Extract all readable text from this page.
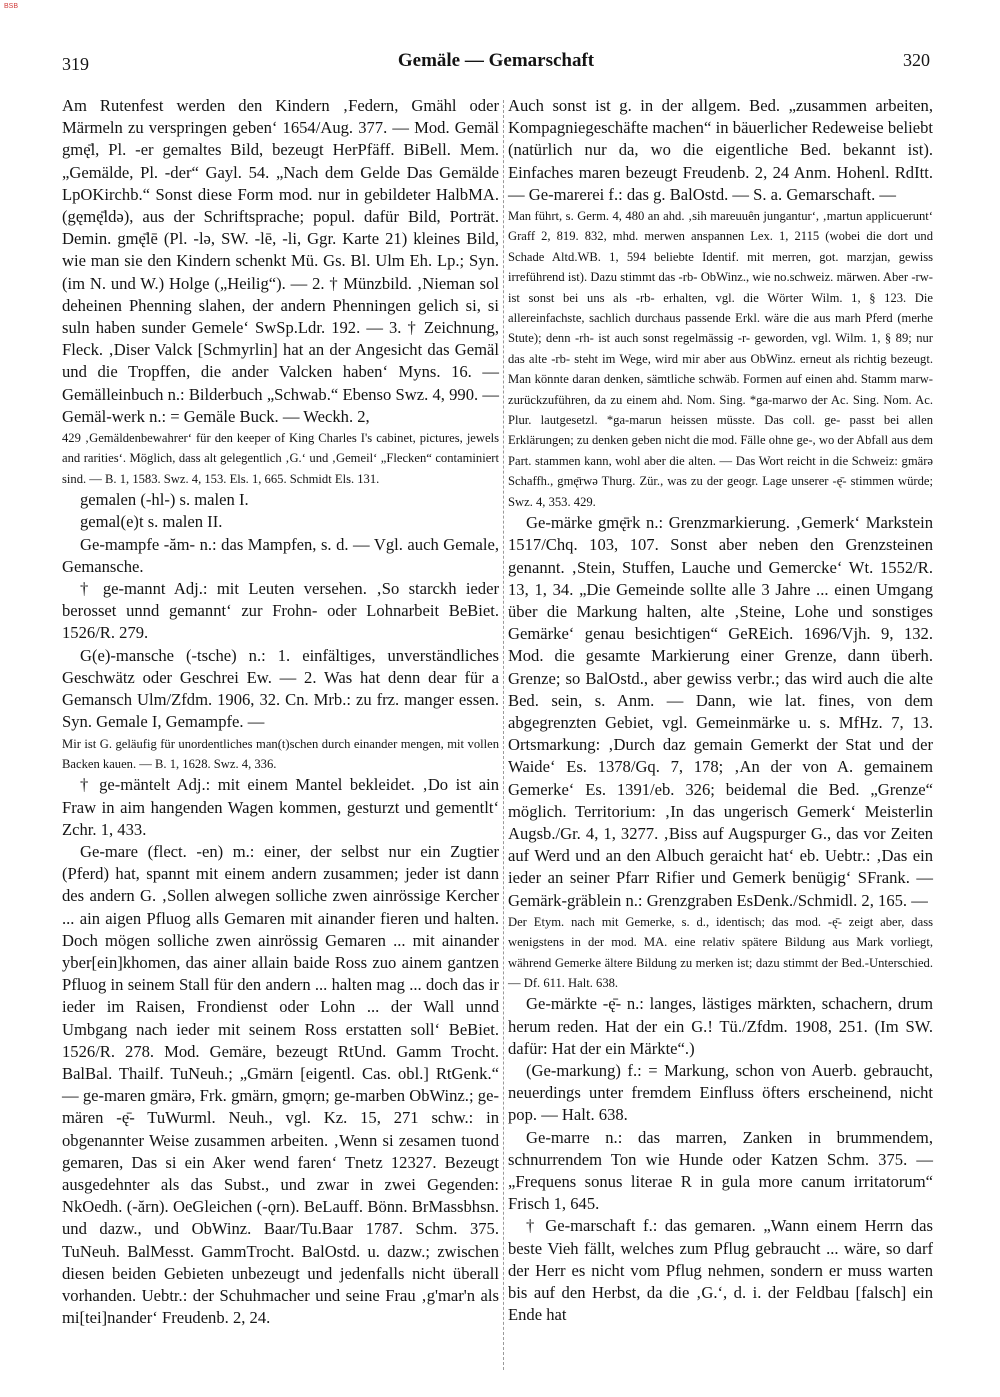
BSB
319	Gemäle — Gemarschaft	320

Am Rutenfest werden den Kindern ‚Federn, Gmähl oder Märmeln zu verspringen geben‘ 1654/Aug. 377. — Mod. Gemäl gmę̄l, Pl. -er gemaltes Bild, bezeugt HerPfäff. BiBell. Mem. „Gemälde, Pl. -der“ Gayl. 54. „Nach dem Gelde Das Gemälde LpOKirchb.“ Sonst diese Form mod. nur in gebildeter HalbMA. (gęmę̄ldə), aus der Schriftsprache; popul. dafür Bild, Porträt. Demin. gmę̄lē (Pl. -lə, SW. -lē, -li, Ggr. Karte 21) kleines Bild, wie man sie den Kindern schenkt Mü. Gs. Bl. Ulm Eh. Lp.; Syn. (im N. und W.) Holge („Heilig“). — 2. † Münzbild. ‚Nieman sol deheinen Phenning slahen, der andern Phenningen gelich si, si suln haben sunder Gemele‘ SwSp.Ldr. 192. — 3. † Zeichnung, Fleck. ‚Diser Valck [Schmyrlin] hat an der Angesicht das Gemäl und die Tropffen, die ander Valcken haben‘ Myns. 16. — Gemälleinbuch n.: Bilderbuch „Schwab.“ Ebenso Swz. 4, 990. — Gemäl-werk n.: = Gemäle Buck. — Weckh. 2,

429 ‚Gemäldenbewahrer‘ für den keeper of King Charles I's cabinet, pictures, jewels and rarities‘. Möglich, dass alt gelegentlich ‚G.‘ und ‚Gemeil‘ „Flecken“ contaminiert sind. — B. 1, 1583. Swz. 4, 153. Els. 1, 665. Schmidt Els. 131.

gemalen (-hl-) s. malen I.

gemal(e)t s. malen II.

Ge-mampfe -ăm- n.: das Mampfen, s. d. — Vgl. auch Gemale, Gemansche.

† ge-mannt Adj.: mit Leuten versehen. ‚So starckh ieder berosset unnd gemannt‘ zur Frohn- oder Lohnarbeit BeBiet. 1526/R. 279.

G(e)-mansche (-tsche) n.: 1. einfältiges, unverständliches Geschwätz oder Geschrei Ew. — 2. Was hat denn dear für a Gemansch Ulm/Zfdm. 1906, 32. Cn. Mrb.: zu frz. manger essen. Syn. Gemale I, Gemampfe. —

Mir ist G. geläufig für unordentliches man(t)schen durch einander mengen, mit vollen Backen kauen. — B. 1, 1628. Swz. 4, 336.

† ge-mäntelt Adj.: mit einem Mantel bekleidet. ‚Do ist ain Fraw in aim hangenden Wagen kommen, gesturzt und gementlt‘ Zchr. 1, 433.

Ge-mare (flect. -en) m.: einer, der selbst nur ein Zugtier (Pferd) hat, spannt mit einem andern zusammen; jeder ist dann des andern G. ‚Sollen alwegen solliche zwen ainrössige Kercher ... ain aigen Pfluog alls Gemaren mit ainander fieren und halten. Doch mögen solliche zwen ainrössig Gemaren ... mit ainander yber[ein]khomen, das ainer allain baide Ross zuo ainem gantzen Pfluog in seinem Stall für den andern ... halten mag ... doch das ir ieder im Raisen, Frondienst oder Lohn ... der Wall unnd Umbgang nach ieder mit seinem Ross erstatten soll‘ BeBiet. 1526/R. 278. Mod. Gemäre, bezeugt RtUnd. Gamm Trocht. BalBal. Thailf. TuNeuh.; „Gmärn [eigentl. Cas. obl.] RtGenk.“ — ge-maren gmärə, Frk. gmärn, gmǫrn; ge-marben ObWinz.; ge-mären -ę̄- TuWurml. Neuh., vgl. Kz. 15, 271 schw.: in obgenannter Weise zusammen arbeiten. ‚Wenn si zesamen tuond gemaren, Das si ein Aker wend faren‘ Tnetz 12327. Bezeugt ausgedehnter als das Subst., und zwar in zwei Gegenden: NkOedh. (-ărn). OeGleichen (-ǫrn). BeLauff. Bönn. BrMassbhsn. und dazw., und ObWinz. Baar/Tu.Baar 1787. Schm. 375. TuNeuh. BalMesst. GammTrocht. BalOstd. u. dazw.; zwischen diesen beiden Gebieten unbezeugt und jedenfalls nicht überall vorhanden. Uebtr.: der Schuhmacher und seine Frau ‚g'mar'n als mi[tei]nander‘ Freudenb. 2, 24.

Auch sonst ist g. in der allgem. Bed. „zusammen arbeiten, Kompagniegeschäfte machen“ in bäuerlicher Redeweise beliebt (natürlich nur da, wo die eigentliche Bed. bekannt ist). Einfaches maren bezeugt Freudenb. 2, 24 Anm. Hohenl. RdItt. — Ge-marerei f.: das g. BalOstd. — S. a. Gemarschaft. —

Man führt, s. Germ. 4, 480 an ahd. ‚sih mareuuên jungantur‘, ‚martun applicuerunt‘ Graff 2, 819. 832, mhd. merwen anspannen Lex. 1, 2115 (wobei die dort und Schade Altd.WB. 1, 594 beliebte Identif. mit merren, got. marzjan, gewiss irreführend ist). Dazu stimmt das -rb- ObWinz., wie no.schweiz. märwen. Aber -rw- ist sonst bei uns als -rb- erhalten, vgl. die Wörter Wilm. 1, § 123. Die allereinfachste, sachlich durchaus passende Erkl. wäre die aus marh Pferd (merhe Stute); denn -rh- ist auch sonst regelmässig -r- geworden, vgl. Wilm. 1, § 89; nur das alte -rb- steht im Wege, wird mir aber aus ObWinz. erneut als richtig bezeugt. Man könnte daran denken, sämtliche schwäb. Formen auf einen ahd. Stamm marw- zurückzuführen, da zu einem ahd. Nom. Sing. *ga-marwo der Ac. Sing. Nom. Ac. Plur. lautgesetzl. *ga-marun heissen müsste. Das coll. ge- passt bei allen Erklärungen; zu denken geben nicht die mod. Fälle ohne ge-, wo der Abfall aus dem Part. stammen kann, wohl aber die alten. — Das Wort reicht in die Schweiz: gmärə Schaffh., gmę̄rwə Thurg. Zür., was zu der geogr. Lage unserer -ę̄- stimmen würde; Swz. 4, 353. 429.

Ge-märke gmę̄rk n.: Grenzmarkierung. ‚Gemerk‘ Markstein 1517/Chq. 103, 107. Sonst aber neben den Grenzsteinen genannt. ‚Stein, Stuffen, Lauche und Gemercke‘ Wt. 1552/R. 13, 1, 34. „Die Gemeinde sollte alle 3 Jahre ... einen Umgang über die Markung halten, alte ‚Steine, Lohe und sonstiges Gemärke‘ genau besichtigen“ GeREich. 1696/Vjh. 9, 132. Mod. die gesamte Markierung einer Grenze, dann überh. Grenze; so BalOstd., aber gewiss verbr.; das wird auch die alte Bed. sein, s. Anm. — Dann, wie lat. fines, von dem abgegrenzten Gebiet, vgl. Gemeinmärke u. s. MfHz. 7, 13. Ortsmarkung: ‚Durch daz gemain Gemerkt der Stat und der Waide‘ Es. 1378/Gq. 7, 178; ‚An der von A. gemainem Gemerke‘ Es. 1391/eb. 326; beidemal die Bed. „Grenze“ möglich. Territorium: ‚In das ungerisch Gemerk‘ Meisterlin Augsb./Gr. 4, 1, 3277. ‚Biss auf Augspurger G., das vor Zeiten auf Werd und an den Albuch geraicht hat‘ eb. Uebtr.: ‚Das ein ieder an seiner Pfarr Rifier und Gemerk benügig‘ SFrank. — Gemärk-gräblein n.: Grenzgraben EsDenk./Schmidl. 2, 165. —

Der Etym. nach mit Gemerke, s. d., identisch; das mod. -ę̄- zeigt aber, dass wenigstens in der mod. MA. eine relativ spätere Bildung aus Mark vorliegt, während Gemerke ältere Bildung zu merken ist; dazu stimmt der Bed.-Unterschied. — Df. 611. Halt. 638.

Ge-märkte -ę̄- n.: langes, lästiges märkten, schachern, drum herum reden. Hat der ein G.! Tü./Zfdm. 1908, 251. (Im SW. dafür: Hat der ein Märkte“.)

(Ge-markung) f.: = Markung, schon von Auerb. gebraucht, neuerdings unter fremdem Einfluss öfters erscheinend, nicht pop. — Halt. 638.

Ge-marre n.: das marren, Zanken in brummendem, schnurrendem Ton wie Hunde oder Katzen Schm. 375. — „Frequens sonus literae R in gula more canum irritatorum“ Frisch 1, 645.

† Ge-marschaft f.: das gemaren. „Wann einem Herrn das beste Vieh fällt, welches zum Pflug gebraucht ... wäre, so darf der Herr es nicht vom Pflug nehmen, sondern er muss warten bis auf den Herbst, da die ‚G.‘, d. i. der Feldbau [falsch] ein Ende hat
